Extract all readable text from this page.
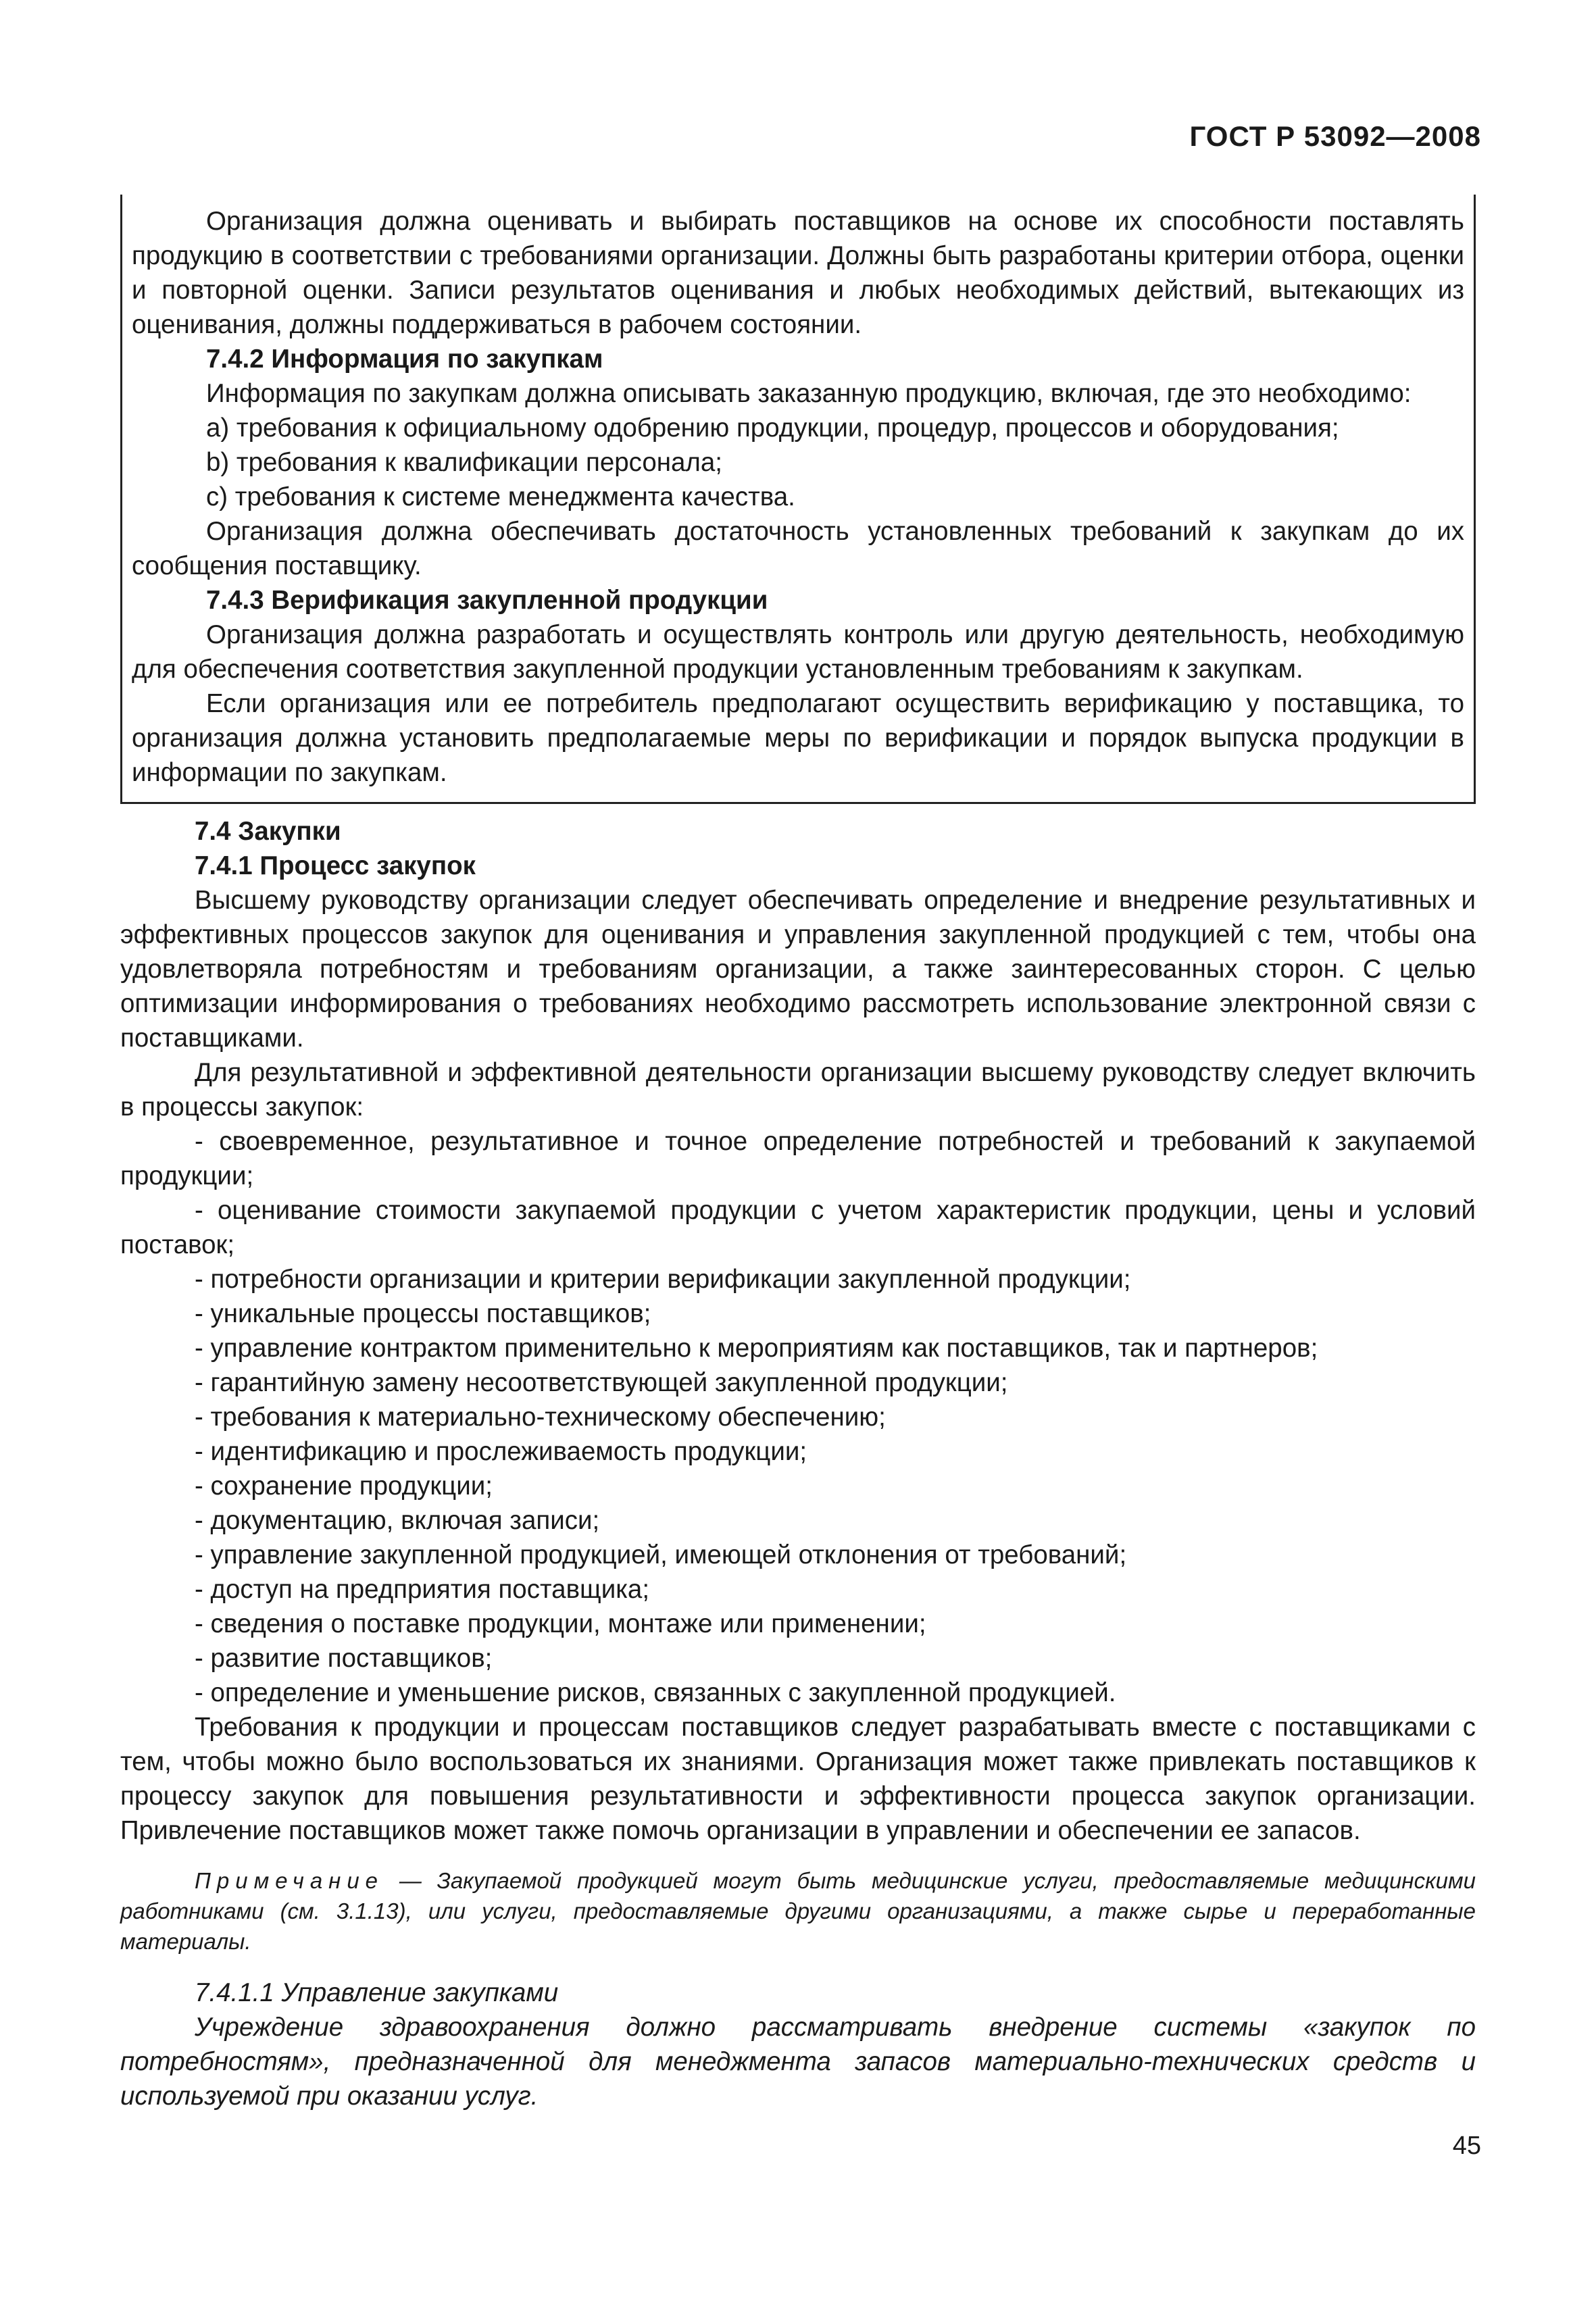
ГОСТ Р 53092—2008

Организация должна оценивать и выбирать поставщиков на основе их способности поставлять продукцию в соответствии с требованиями организации. Должны быть разработаны критерии отбора, оценки и повторной оценки. Записи результатов оценивания и любых необходимых действий, вытекающих из оценивания, должны поддерживаться в рабочем состоянии.

7.4.2 Информация по закупкам

Информация по закупкам должна описывать заказанную продукцию, включая, где это необходимо:

a) требования к официальному одобрению продукции, процедур, процессов и оборудования;

b) требования к квалификации персонала;

c) требования к системе менеджмента качества.

Организация должна обеспечивать достаточность установленных требований к закупкам до их сообщения поставщику.

7.4.3 Верификация закупленной продукции

Организация должна разработать и осуществлять контроль или другую деятельность, необходимую для обеспечения соответствия закупленной продукции установленным требованиям к закупкам.

Если организация или ее потребитель предполагают осуществить верификацию у поставщика, то организация должна установить предполагаемые меры по верификации и порядок выпуска продукции в информации по закупкам.

7.4 Закупки

7.4.1 Процесс закупок

Высшему руководству организации следует обеспечивать определение и внедрение результативных и эффективных процессов закупок для оценивания и управления закупленной продукцией с тем, чтобы она удовлетворяла потребностям и требованиям организации, а также заинтересованных сторон. С целью оптимизации информирования о требованиях необходимо рассмотреть использование электронной связи с поставщиками.

Для результативной и эффективной деятельности организации высшему руководству следует включить в процессы закупок:

- своевременное, результативное и точное определение потребностей и требований к закупаемой продукции;

- оценивание стоимости закупаемой продукции с учетом характеристик продукции, цены и условий поставок;

- потребности организации и критерии верификации закупленной продукции;

- уникальные процессы поставщиков;

- управление контрактом применительно к мероприятиям как поставщиков, так и партнеров;

- гарантийную замену несоответствующей закупленной продукции;

- требования к материально-техническому обеспечению;

- идентификацию и прослеживаемость продукции;

- сохранение продукции;

- документацию, включая записи;

- управление закупленной продукцией, имеющей отклонения от требований;

- доступ на предприятия поставщика;

- сведения о поставке продукции, монтаже или применении;

- развитие поставщиков;

- определение и уменьшение рисков, связанных с закупленной продукцией.

Требования к продукции и процессам поставщиков следует разрабатывать вместе с поставщиками с тем, чтобы можно было воспользоваться их знаниями. Организация может также привлекать поставщиков к процессу закупок для повышения результативности и эффективности процесса закупок организации. Привлечение поставщиков может также помочь организации в управлении и обеспечении ее запасов.

Примечание — Закупаемой продукцией могут быть медицинские услуги, предоставляемые медицинскими работниками (см. 3.1.13), или услуги, предоставляемые другими организациями, а также сырье и переработанные материалы.

7.4.1.1 Управление закупками

Учреждение здравоохранения должно рассматривать внедрение системы «закупок по потребностям», предназначенной для менеджмента запасов материально-технических средств и используемой при оказании услуг.

45
